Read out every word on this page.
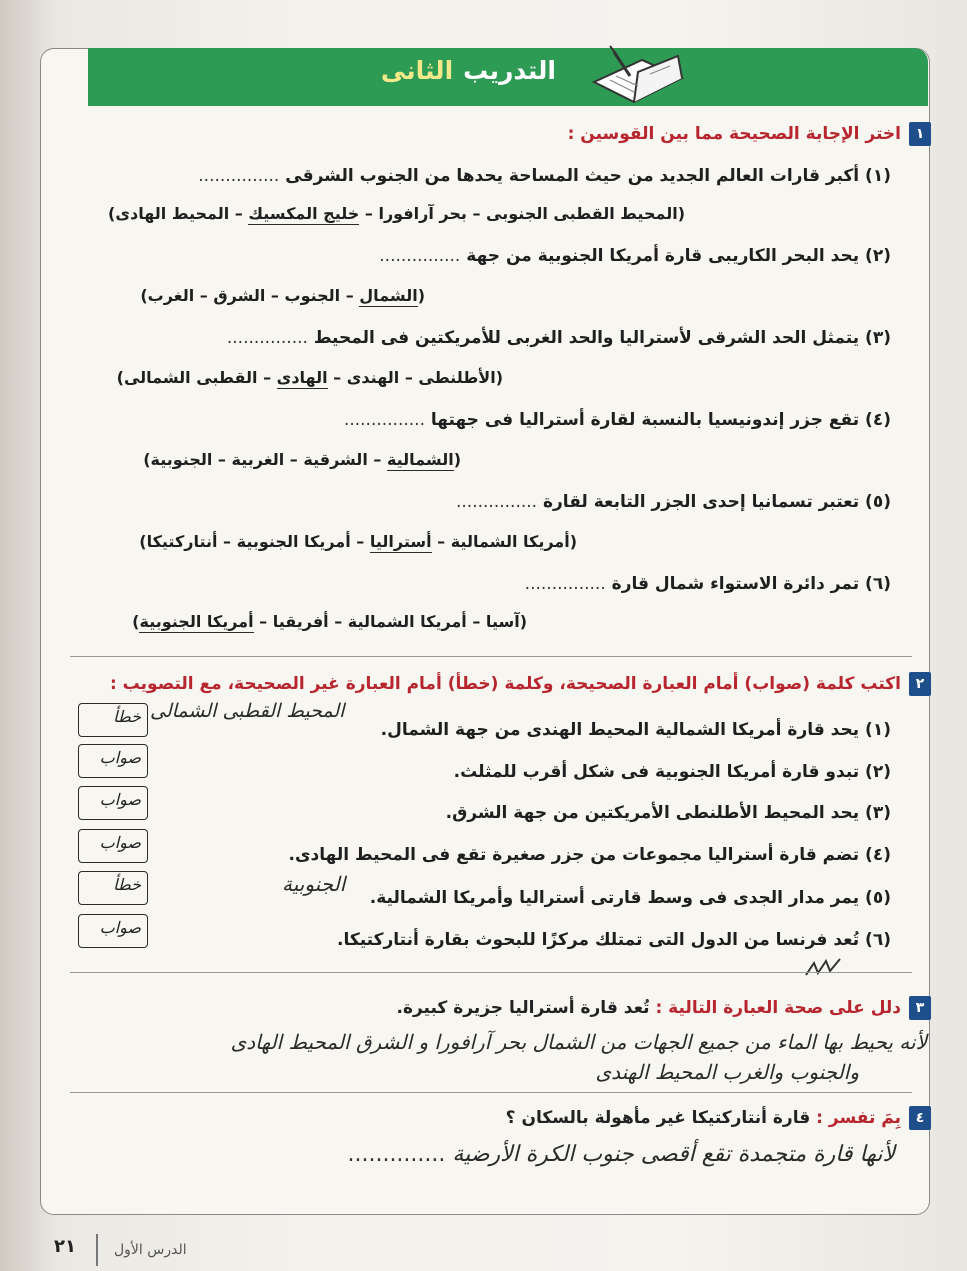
التدريب
الثانى
١
اختر الإجابة الصحيحة مما بين القوسين :
(١) أكبر قارات العالم الجديد من حيث المساحة يحدها من الجنوب الشرقى ...............
(المحيط القطبى الجنوبى – بحر آرافورا – خليج المكسيك – المحيط الهادى)
(٢) يحد البحر الكاريبى قارة أمريكا الجنوبية من جهة ...............
(الشمال – الجنوب – الشرق – الغرب)
(٣) يتمثل الحد الشرقى لأستراليا والحد الغربى للأمريكتين فى المحيط ...............
(الأطلنطى – الهندى – الهادى – القطبى الشمالى)
(٤) تقع جزر إندونيسيا بالنسبة لقارة أستراليا فى جهتها ...............
(الشمالية – الشرقية – الغربية – الجنوبية)
(٥) تعتبر تسمانيا إحدى الجزر التابعة لقارة ...............
(أمريكا الشمالية – أستراليا – أمريكا الجنوبية – أنتاركتيكا)
(٦) تمر دائرة الاستواء شمال قارة ...............
(آسيا – أمريكا الشمالية – أفريقيا – أمريكا الجنوبية)
٢
اكتب كلمة (صواب) أمام العبارة الصحيحة، وكلمة (خطأ) أمام العبارة غير الصحيحة، مع التصويب :
(١) يحد قارة أمريكا الشمالية المحيط الهندى من جهة الشمال.
(٢) تبدو قارة أمريكا الجنوبية فى شكل أقرب للمثلث.
(٣) يحد المحيط الأطلنطى الأمريكتين من جهة الشرق.
(٤) تضم قارة أستراليا مجموعات من جزر صغيرة تقع فى المحيط الهادى.
(٥) يمر مدار الجدى فى وسط قارتى أستراليا وأمريكا الشمالية.
(٦) تُعد فرنسا من الدول التى تمتلك مركزًا للبحوث بقارة أنتاركتيكا.
خطأ
صواب
صواب
صواب
خطأ
صواب
المحيط القطبى الشمالى
الجنوبية
٣
دلل على صحة العبارة التالية : تُعد قارة أستراليا جزيرة كبيرة.
لأنه يحيط بها الماء من جميع الجهات من الشمال بحر آرافورا و الشرق المحيط الهادى
والجنوب والغرب المحيط الهندى
٤
بِمَ تفسر : قارة أنتاركتيكا غير مأهولة بالسكان ؟
لأنها قارة متجمدة تقع أقصى جنوب الكرة الأرضية ..............
٢١	الدرس الأول
